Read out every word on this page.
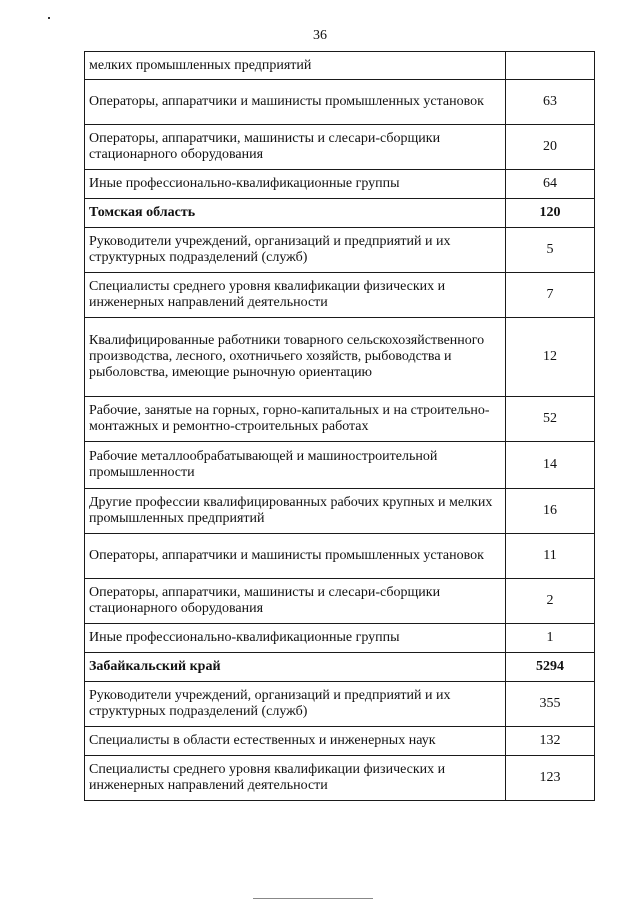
36
мелких промышленных предприятий	
Операторы, аппаратчики и машинисты промышленных установок	63
Операторы, аппаратчики, машинисты и слесари-сборщики стационарного оборудования	20
Иные профессионально-квалификационные группы	64
Томская область	120
Руководители учреждений, организаций и предприятий и их структурных подразделений (служб)	5
Специалисты среднего уровня квалификации физических и инженерных направлений деятельности	7
Квалифицированные работники товарного сельскохозяйственного производства, лесного, охотничьего хозяйств, рыбоводства и рыболовства, имеющие рыночную ориентацию	12
Рабочие, занятые на горных, горно-капитальных и на строительно-монтажных и ремонтно-строительных работах	52
Рабочие металлообрабатывающей и машиностроительной промышленности	14
Другие профессии квалифицированных рабочих крупных и мелких промышленных предприятий	16
Операторы, аппаратчики и машинисты промышленных установок	11
Операторы, аппаратчики, машинисты и слесари-сборщики стационарного оборудования	2
Иные профессионально-квалификационные группы	1
Забайкальский край	5294
Руководители учреждений, организаций и предприятий и их структурных подразделений (служб)	355
Специалисты в области естественных и инженерных наук	132
Специалисты среднего уровня квалификации физических и инженерных направлений деятельности	123
